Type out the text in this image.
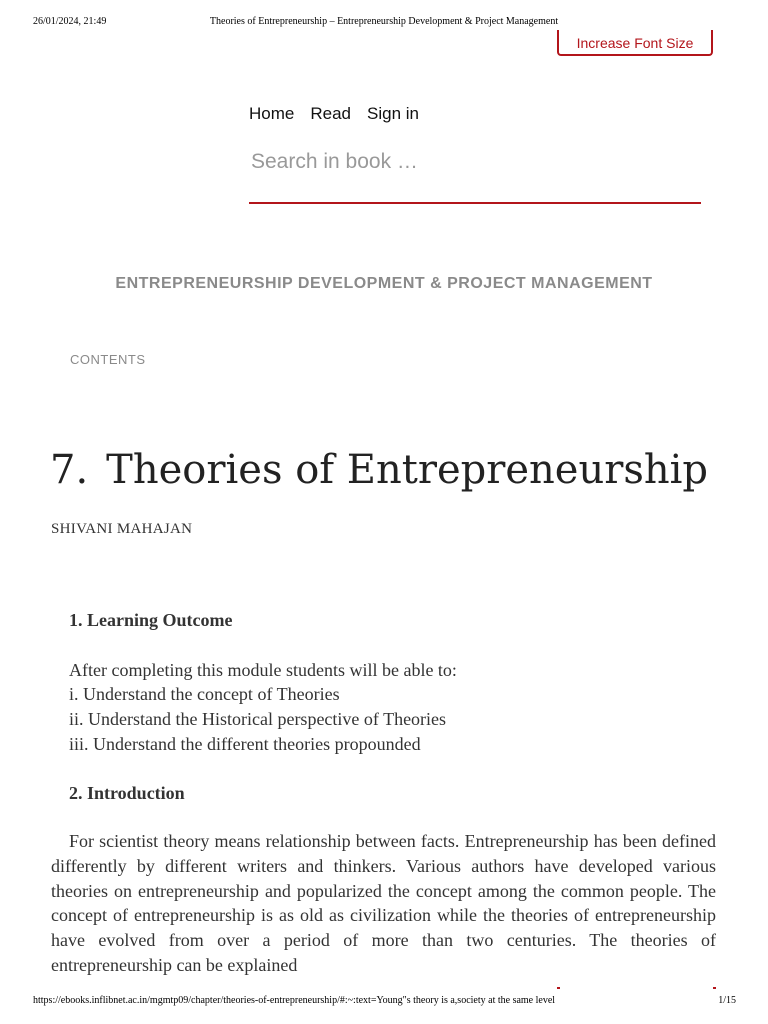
26/01/2024, 21:49	Theories of Entrepreneurship – Entrepreneurship Development & Project Management
Increase Font Size
Home Read Sign in
Search in book …
ENTREPRENEURSHIP DEVELOPMENT & PROJECT MANAGEMENT
CONTENTS
7. Theories of Entrepreneurship
SHIVANI MAHAJAN
1. Learning Outcome
After completing this module students will be able to:
i. Understand the concept of Theories
ii. Understand the Historical perspective of Theories
iii. Understand the different theories propounded
2. Introduction

For scientist theory means relationship between facts. Entrepreneurship has been defined differently by different writers and thinkers. Various authors have developed various theories on entrepreneurship and popularized the concept among the common people. The concept of entrepreneurship is as old as civilization while the theories of entrepreneurship have evolved from over a period of more than two centuries. The theories of entrepreneurship can be explained

https://ebooks.inflibnet.ac.in/mgmtp09/chapter/theories-of-entrepreneurship/#:~:text=Young"s theory is a,society at the same level	1/15
